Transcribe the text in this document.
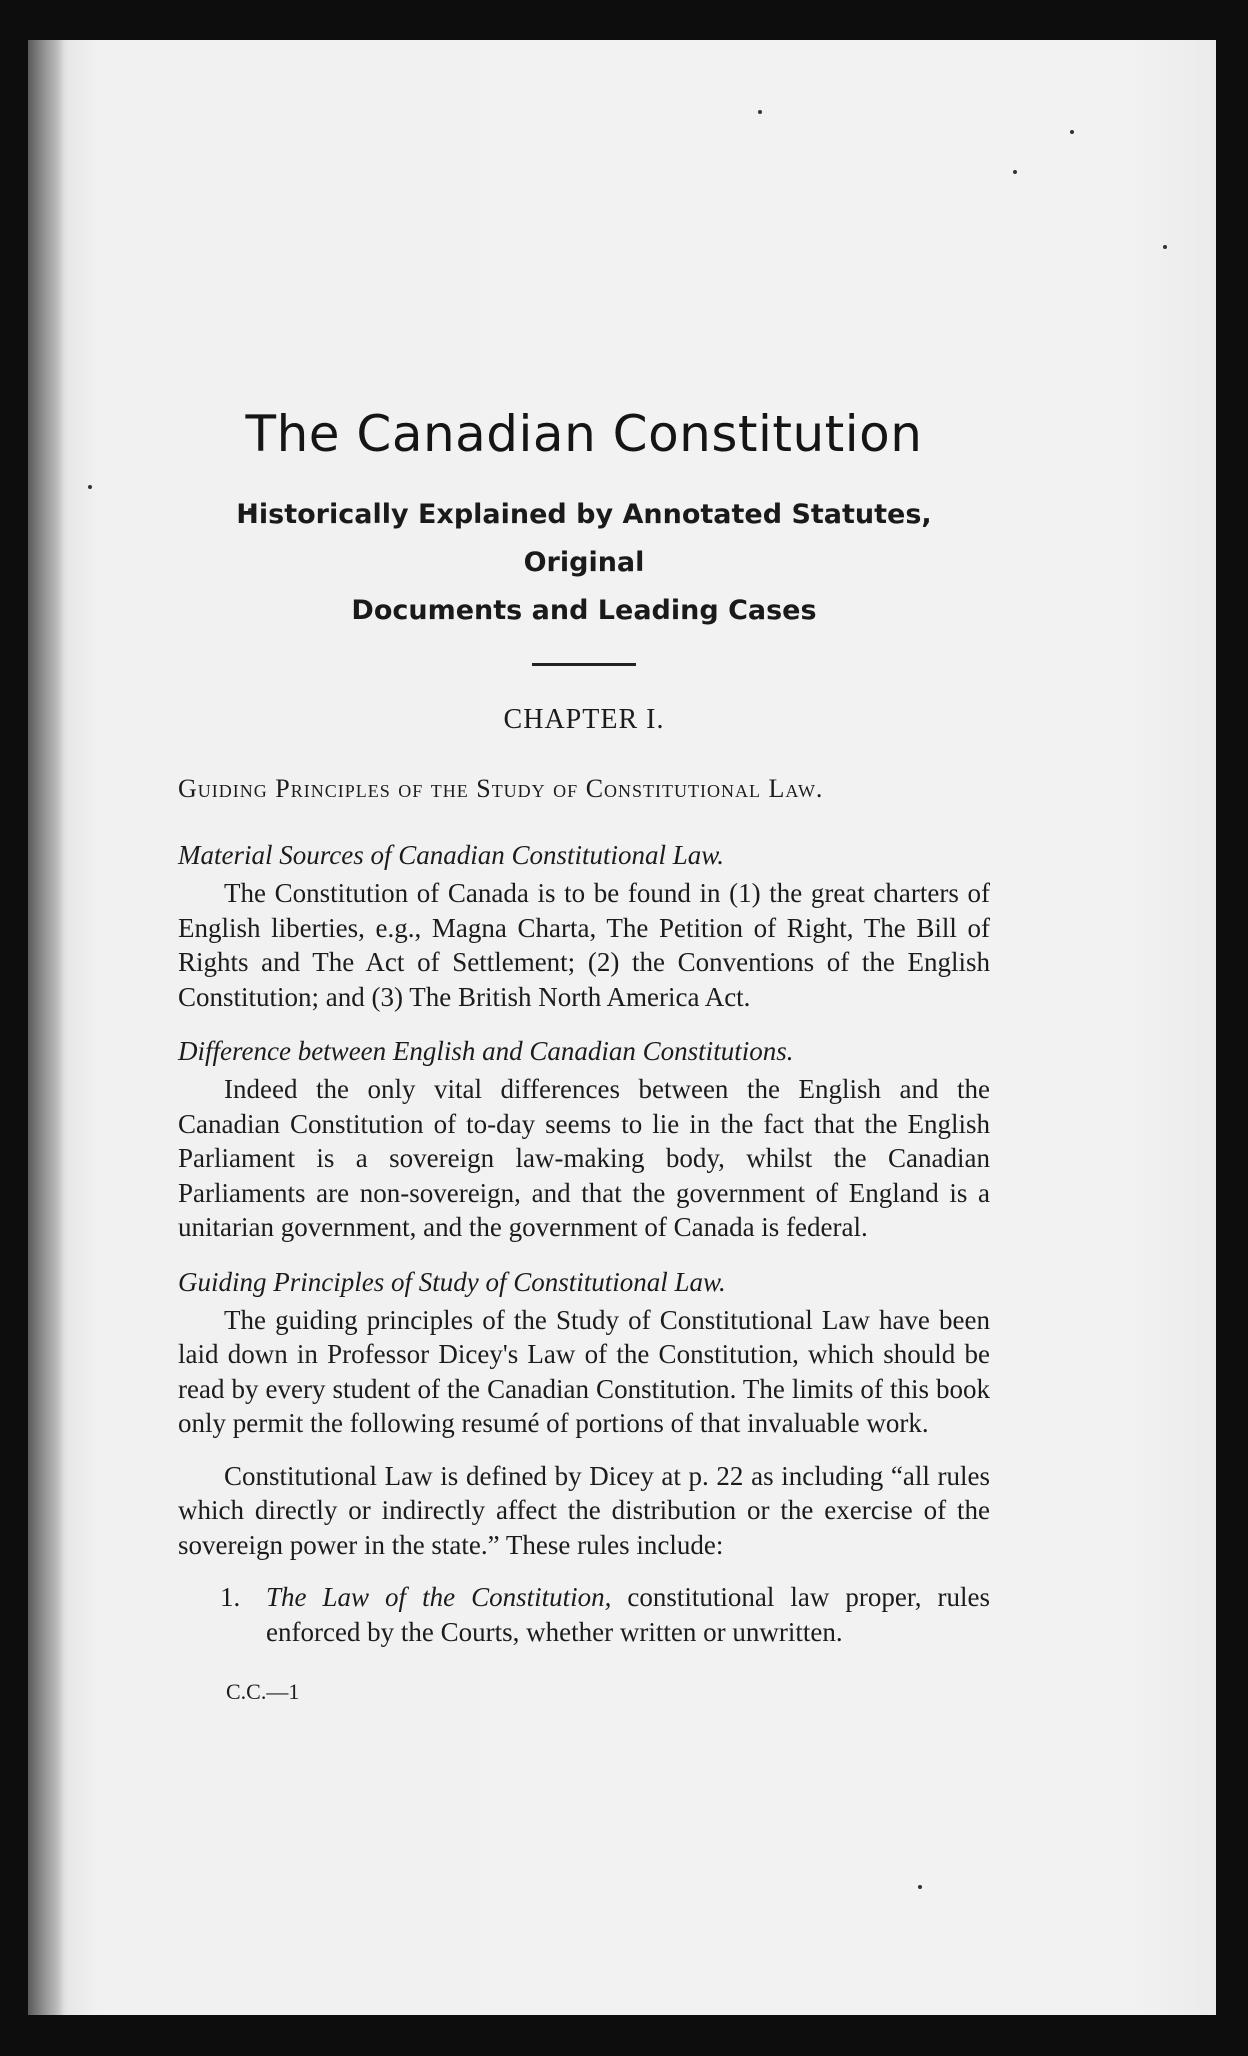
The Canadian Constitution

Historically Explained by Annotated Statutes, Original

Documents and Leading Cases

CHAPTER I.
Guiding Principles of the Study of Constitutional Law.
Material Sources of Canadian Constitutional Law.

The Constitution of Canada is to be found in (1) the great charters of English liberties, e.g., Magna Charta, The Petition of Right, The Bill of Rights and The Act of Settlement; (2) the Conventions of the English Constitution; and (3) The British North America Act.

Difference between English and Canadian Constitutions.

Indeed the only vital differences between the English and the Canadian Constitution of to-day seems to lie in the fact that the English Parliament is a sovereign law-making body, whilst the Canadian Parliaments are non-sovereign, and that the government of England is a unitarian government, and the government of Canada is federal.

Guiding Principles of Study of Constitutional Law.

The guiding principles of the Study of Constitutional Law have been laid down in Professor Dicey's Law of the Constitution, which should be read by every student of the Canadian Constitution. The limits of this book only permit the following resumé of portions of that invaluable work.

Constitutional Law is defined by Dicey at p. 22 as including “all rules which directly or indirectly affect the distribution or the exercise of the sovereign power in the state.” These rules include:

1. The Law of the Constitution, constitutional law proper, rules enforced by the Courts, whether written or unwritten.
C.C.—1
